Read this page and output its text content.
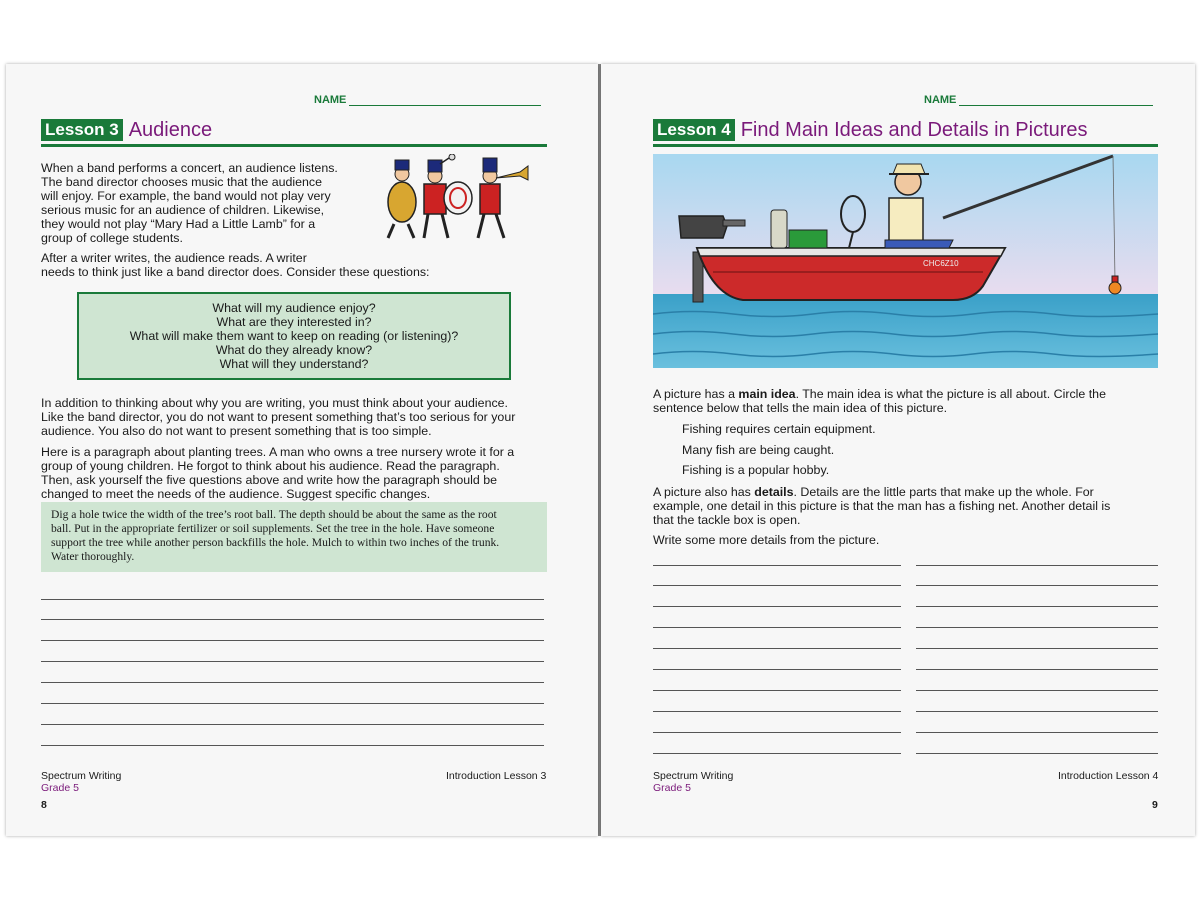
NAME
Lesson 3 Audience
When a band performs a concert, an audience listens.
The band director chooses music that the audience
will enjoy. For example, the band would not play very
serious music for an audience of children. Likewise,
they would not play “Mary Had a Little Lamb” for a
group of college students.
After a writer writes, the audience reads. A writer
needs to think just like a band director does. Consider these questions:
What will my audience enjoy?
What are they interested in?
What will make them want to keep on reading (or listening)?
What do they already know?
What will they understand?
In addition to thinking about why you are writing, you must think about your audience.
Like the band director, you do not want to present something that’s too serious for your
audience. You also do not want to present something that is too simple.
Here is a paragraph about planting trees. A man who owns a tree nursery wrote it for a
group of young children. He forgot to think about his audience. Read the paragraph.
Then, ask yourself the five questions above and write how the paragraph should be
changed to meet the needs of the audience. Suggest specific changes.
Dig a hole twice the width of the tree’s root ball. The depth should be about the same as the root
ball. Put in the appropriate fertilizer or soil supplements. Set the tree in the hole. Have someone
support the tree while another person backfills the hole. Mulch to within two inches of the trunk.
Water thoroughly.
Spectrum Writing
Grade 5
Introduction Lesson 3
8
NAME
Lesson 4 Find Main Ideas and Details in Pictures
CHC6Z10
A picture has a main idea. The main idea is what the picture is all about. Circle the
sentence below that tells the main idea of this picture.
Fishing requires certain equipment.
Many fish are being caught.
Fishing is a popular hobby.
A picture also has details. Details are the little parts that make up the whole. For
example, one detail in this picture is that the man has a fishing net. Another detail is
that the tackle box is open.
Write some more details from the picture.
Spectrum Writing
Grade 5
Introduction Lesson 4
9
